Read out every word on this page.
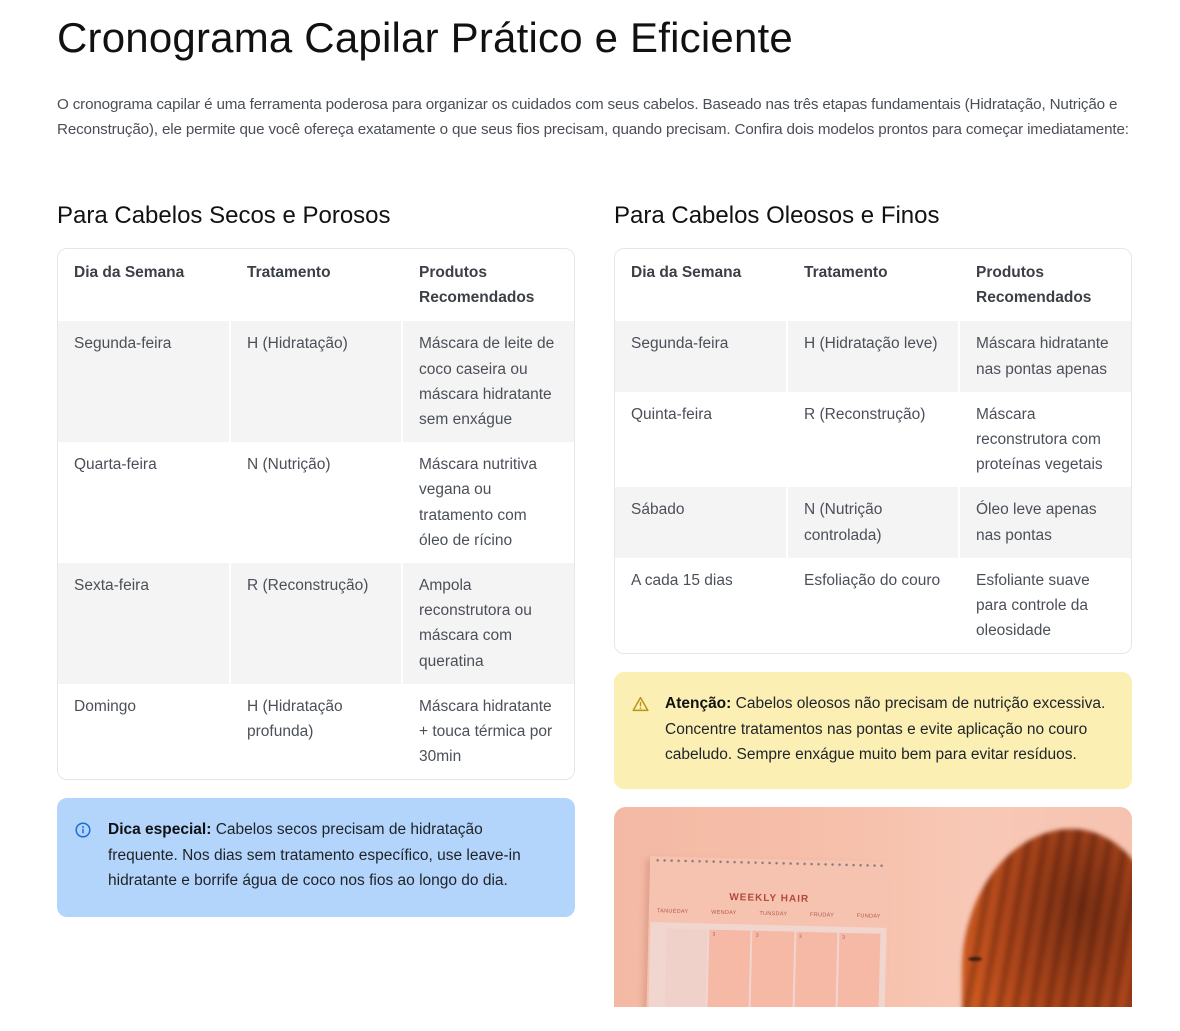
Cronograma Capilar Prático e Eficiente

O cronograma capilar é uma ferramenta poderosa para organizar os cuidados com seus cabelos. Baseado nas três etapas fundamentais (Hidratação, Nutrição e Reconstrução), ele permite que você ofereça exatamente o que seus fios precisam, quando precisam. Confira dois modelos prontos para começar imediatamente:

Para Cabelos Secos e Porosos
Dia da Semana	Tratamento	Produtos Recomendados
Segunda-feira	H (Hidratação)	Máscara de leite de coco caseira ou máscara hidratante sem enxágue
Quarta-feira	N (Nutrição)	Máscara nutritiva vegana ou tratamento com óleo de rícino
Sexta-feira	R (Reconstrução)	Ampola reconstrutora ou máscara com queratina
Domingo	H (Hidratação profunda)	Máscara hidratante + touca térmica por 30min

Dica especial: Cabelos secos precisam de hidratação frequente. Nos dias sem tratamento específico, use leave-in hidratante e borrife água de coco nos fios ao longo do dia.

Para Cabelos Oleosos e Finos
Dia da Semana	Tratamento	Produtos Recomendados
Segunda-feira	H (Hidratação leve)	Máscara hidratante nas pontas apenas
Quinta-feira	R (Reconstrução)	Máscara reconstrutora com proteínas vegetais
Sábado	N (Nutrição controlada)	Óleo leve apenas nas pontas
A cada 15 dias	Esfoliação do couro	Esfoliante suave para controle da oleosidade

Atenção: Cabelos oleosos não precisam de nutrição excessiva. Concentre tratamentos nas pontas e evite aplicação no couro cabeludo. Sempre enxágue muito bem para evitar resíduos.

WEEKLY HAIR
TANUEDAY	WENDAY	TUNSDAY	FRUDAY	FUNDAY
3	3	3	3
